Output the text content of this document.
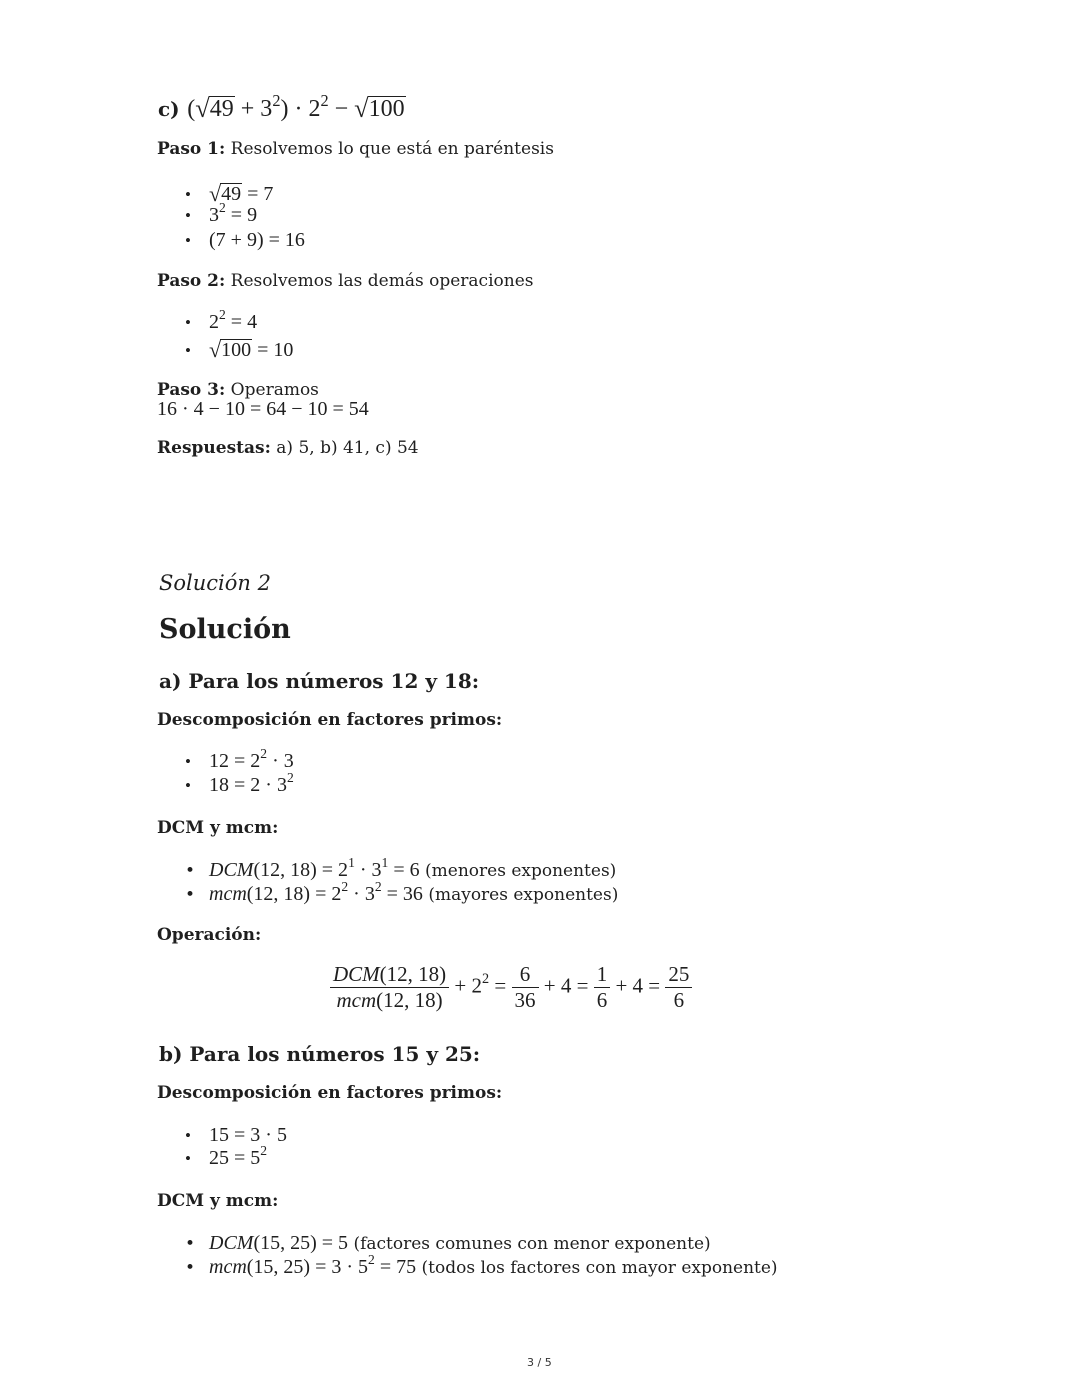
c) $(√49 + 3^2) \cdot 2^2 - √100$
Paso 1: Resolvemos lo que está en paréntesis
• √49 = 7
• $3^2 = 9$
• (7 + 9) = 16
Paso 2: Resolvemos las demás operaciones
• $2^2 = 4$
• √100 = 10
Paso 3: Operamos
16 · 4 − 10 = 64 − 10 = 54
Respuestas: a) 5, b) 41, c) 54
Solución 2
Solución
a) Para los números 12 y 18:
Descomposición en factores primos:
• $12 = 2^2 \cdot 3$
• $18 = 2 \cdot 3^2$
DCM y mcm:
• DCM(12, $18) = 2^1 \cdot 3^1 = 6$ (menores exponentes)
• mcm(12, $18) = 2^2 \cdot 3^2 = 36$ (mayores exponentes)
Operación:
$\frac{\text{DCM(12, 18)}}{\text{mcm(12, 18)}} + 2^2 = \frac{6}{36} + 4 = \frac{1}{6} + 4 = \frac{25}{6}$
b) Para los números 15 y 25:
Descomposición en factores primos:
• 15 = 3 · 5
• $25 = 5^2$
DCM y mcm:
• DCM(15, 25) = 5 (factores comunes con menor exponente)
• mcm(15, $25) = 3 \cdot 5^2 = 75$ (todos los factores con mayor exponente)
3 / 5
